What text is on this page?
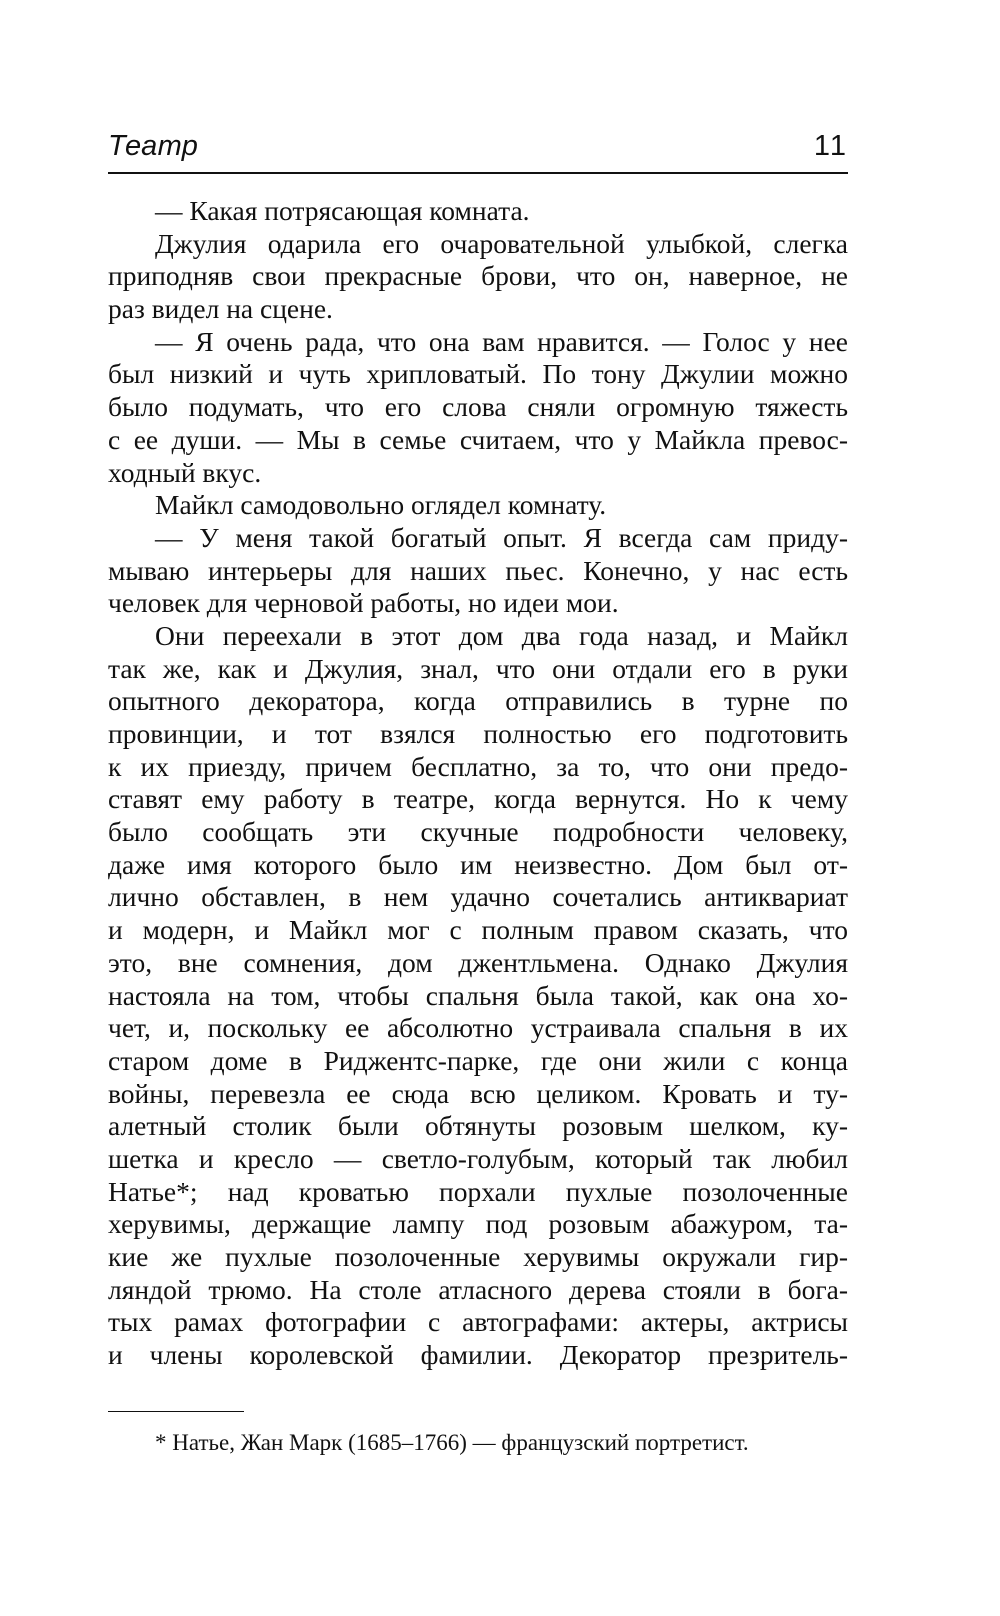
Театр	11
— Какая потрясающая комната.
Джулия одарила его очаровательной улыбкой, слегка
приподняв свои прекрасные брови, что он, наверное, не
раз видел на сцене.
— Я очень рада, что она вам нравится. — Голос у нее
был низкий и чуть хрипловатый. По тону Джулии можно
было подумать, что его слова сняли огромную тяжесть
с ее души. — Мы в семье считаем, что у Майкла превос-
ходный вкус.
Майкл самодовольно оглядел комнату.
— У меня такой богатый опыт. Я всегда сам приду-
мываю интерьеры для наших пьес. Конечно, у нас есть
человек для черновой работы, но идеи мои.
Они переехали в этот дом два года назад, и Майкл
так же, как и Джулия, знал, что они отдали его в руки
опытного декоратора, когда отправились в турне по
провинции, и тот взялся полностью его подготовить
к их приезду, причем бесплатно, за то, что они предо-
ставят ему работу в театре, когда вернутся. Но к чему
было сообщать эти скучные подробности человеку,
даже имя которого было им неизвестно. Дом был от-
лично обставлен, в нем удачно сочетались антиквариат
и модерн, и Майкл мог с полным правом сказать, что
это, вне сомнения, дом джентльмена. Однако Джулия
настояла на том, чтобы спальня была такой, как она хо-
чет, и, поскольку ее абсолютно устраивала спальня в их
старом доме в Риджентс-парке, где они жили с конца
войны, перевезла ее сюда всю целиком. Кровать и ту-
алетный столик были обтянуты розовым шелком, ку-
шетка и кресло — светло-голубым, который так любил
Натье*; над кроватью порхали пухлые позолоченные
херувимы, держащие лампу под розовым абажуром, та-
кие же пухлые позолоченные херувимы окружали гир-
ляндой трюмо. На столе атласного дерева стояли в бога-
тых рамах фотографии с автографами: актеры, актрисы
и члены королевской фамилии. Декоратор презритель-
* Натье, Жан Марк (1685–1766) — французский портретист.
